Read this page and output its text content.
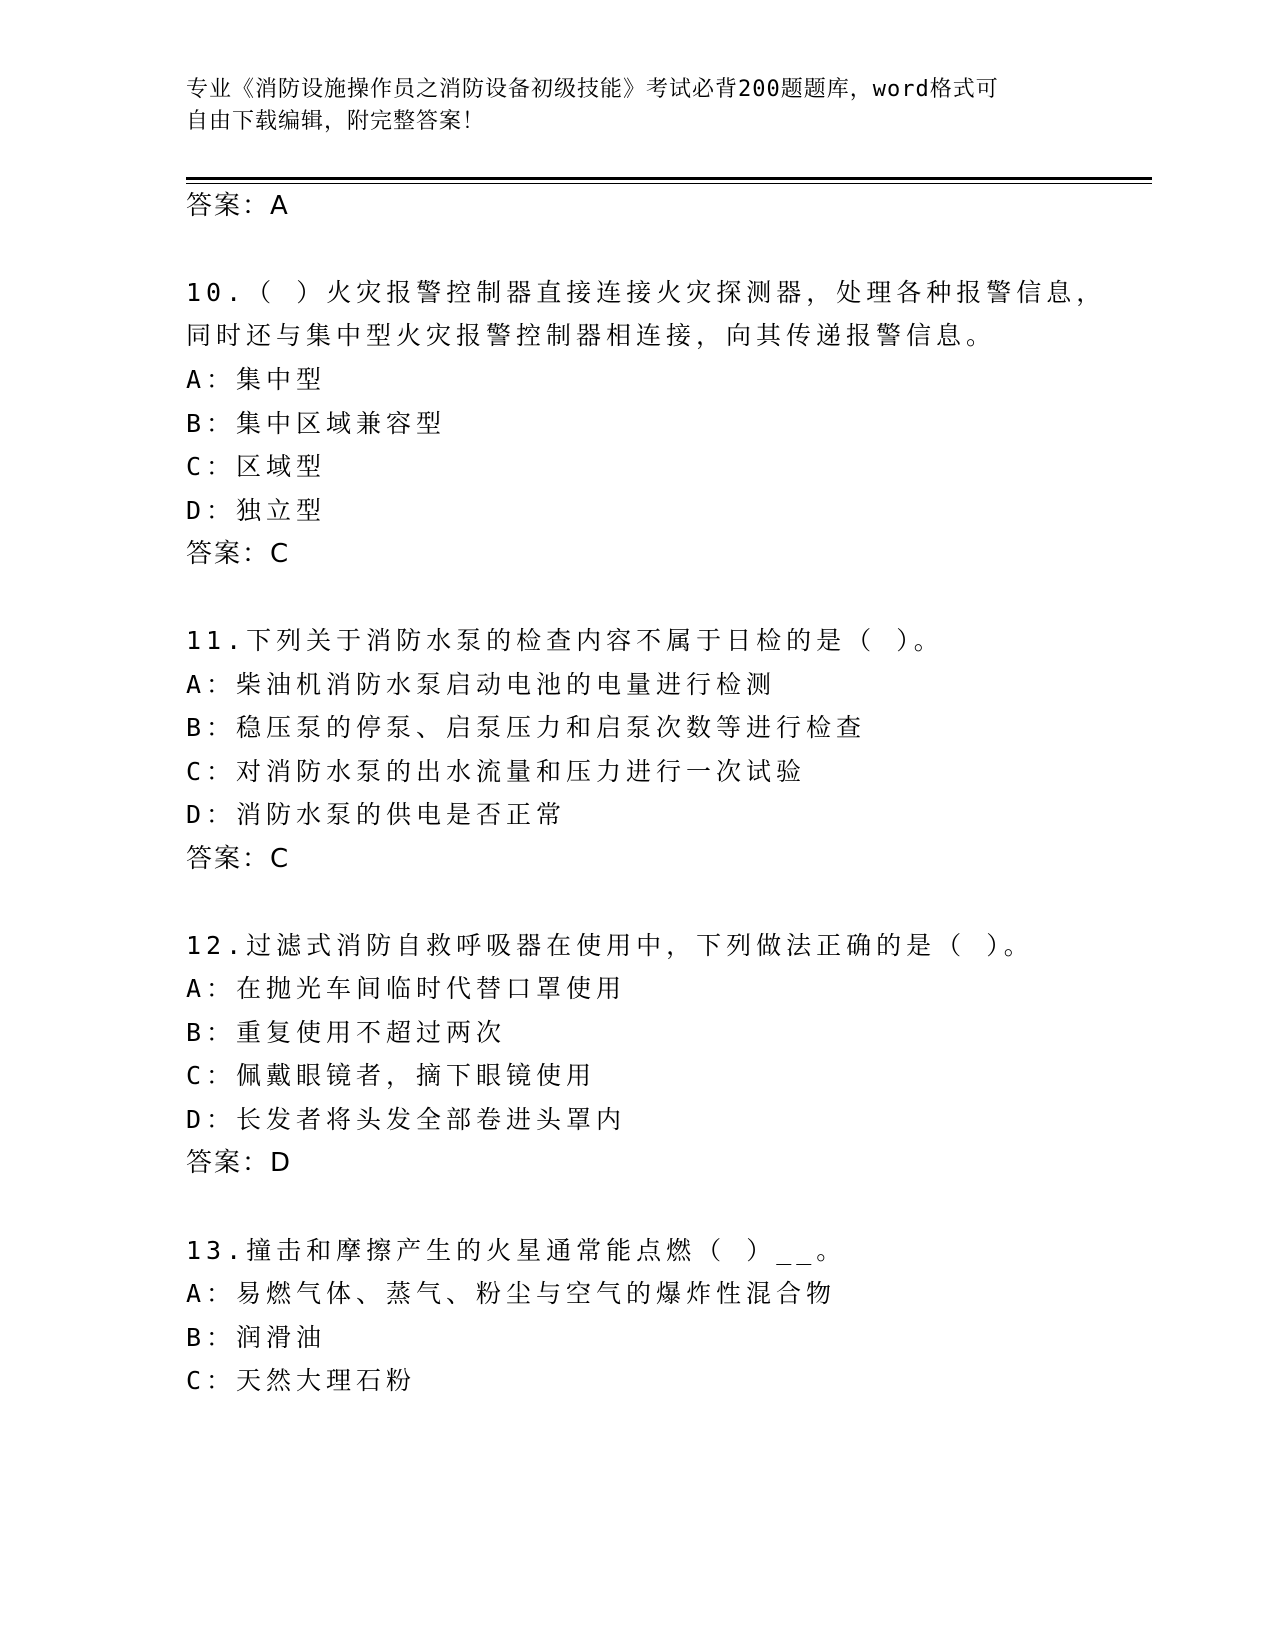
专业《消防设施操作员之消防设备初级技能》考试必背200题题库，word格式可
自由下载编辑，附完整答案！
答案：A
10.（ ）火灾报警控制器直接连接火灾探测器，处理各种报警信息，
同时还与集中型火灾报警控制器相连接，向其传递报警信息。
A：集中型
B：集中区域兼容型
C：区域型
D：独立型
答案：C
11.下列关于消防水泵的检查内容不属于日检的是（ ）。
A：柴油机消防水泵启动电池的电量进行检测
B：稳压泵的停泵、启泵压力和启泵次数等进行检查
C：对消防水泵的出水流量和压力进行一次试验
D：消防水泵的供电是否正常
答案：C
12.过滤式消防自救呼吸器在使用中，下列做法正确的是（ ）。
A：在抛光车间临时代替口罩使用
B：重复使用不超过两次
C：佩戴眼镜者，摘下眼镜使用
D：长发者将头发全部卷进头罩内
答案：D
13.撞击和摩擦产生的火星通常能点燃（ ）__。
A：易燃气体、蒸气、粉尘与空气的爆炸性混合物
B：润滑油
C：天然大理石粉
